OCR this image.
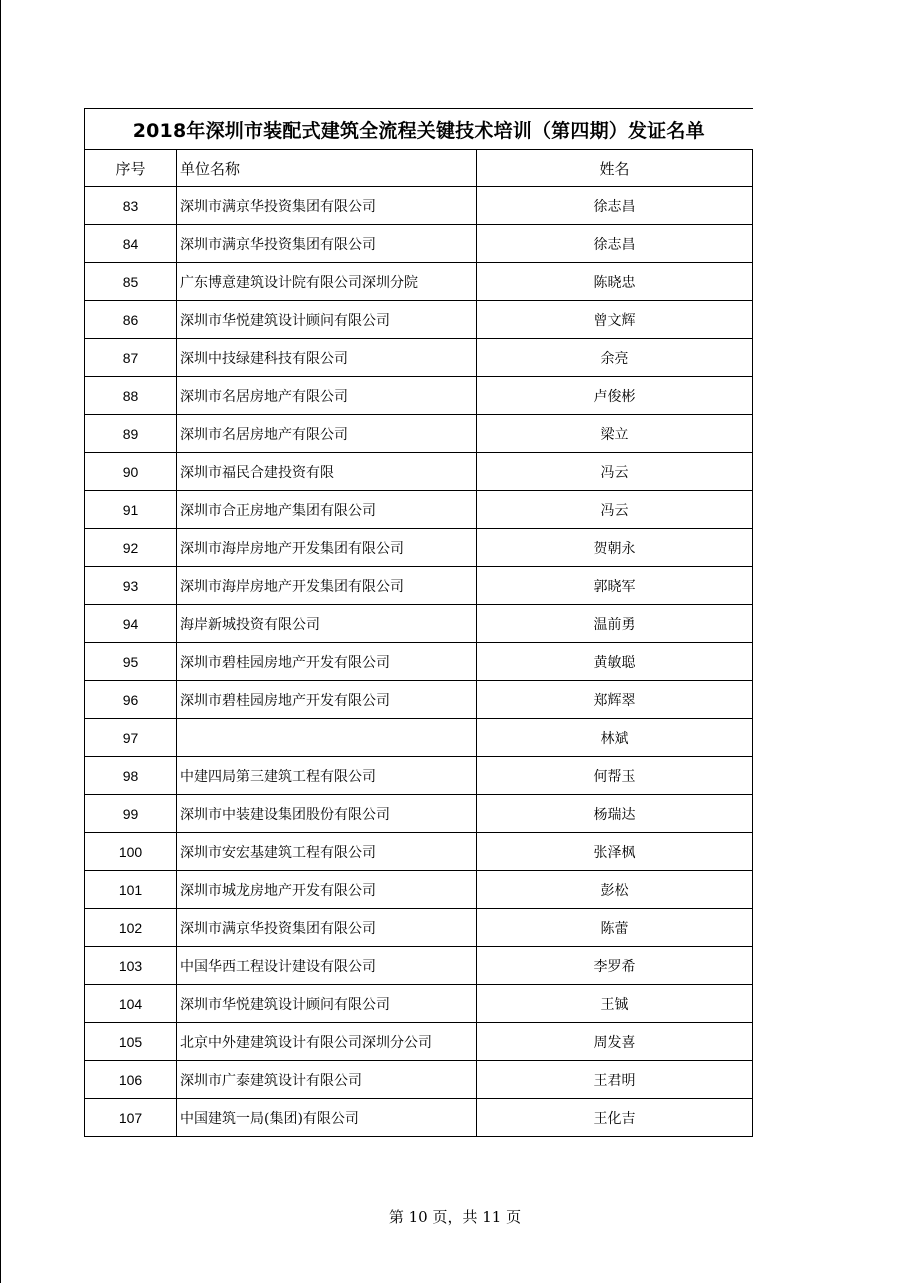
2018年深圳市装配式建筑全流程关键技术培训（第四期）发证名单		
序号	单位名称	姓名
83	深圳市满京华投资集团有限公司	徐志昌
84	深圳市满京华投资集团有限公司	徐志昌
85	广东博意建筑设计院有限公司深圳分院	陈晓忠
86	深圳市华悦建筑设计顾问有限公司	曾文辉
87	深圳中技绿建科技有限公司	余亮
88	深圳市名居房地产有限公司	卢俊彬
89	深圳市名居房地产有限公司	梁立
90	深圳市福民合建投资有限	冯云
91	深圳市合正房地产集团有限公司	冯云
92	深圳市海岸房地产开发集团有限公司	贺朝永
93	深圳市海岸房地产开发集团有限公司	郭晓军
94	海岸新城投资有限公司	温前勇
95	深圳市碧桂园房地产开发有限公司	黄敏聪
96	深圳市碧桂园房地产开发有限公司	郑辉翠
97		林斌
98	中建四局第三建筑工程有限公司	何帮玉
99	深圳市中装建设集团股份有限公司	杨瑞达
100	深圳市安宏基建筑工程有限公司	张泽枫
101	深圳市城龙房地产开发有限公司	彭松
102	深圳市满京华投资集团有限公司	陈蕾
103	中国华西工程设计建设有限公司	李罗希
104	深圳市华悦建筑设计顾问有限公司	王铖
105	北京中外建建筑设计有限公司深圳分公司	周发喜
106	深圳市广泰建筑设计有限公司	王君明
107	中国建筑一局(集团)有限公司	王化吉
第 10 页，共 11 页
